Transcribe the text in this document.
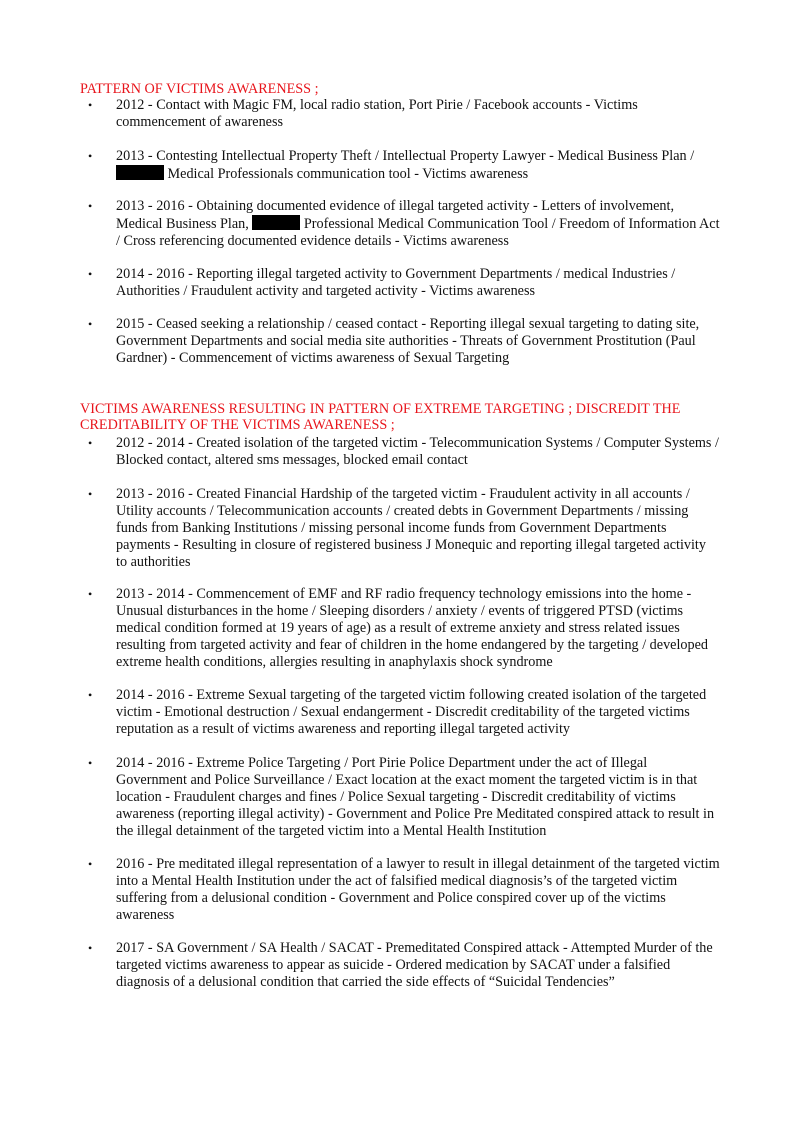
PATTERN OF VICTIMS AWARENESS ;
• 2012 - Contact with Magic FM, local radio station, Port Pirie / Facebook accounts - Victims commencement of awareness
• 2013 - Contesting Intellectual Property Theft / Intellectual Property Lawyer - Medical Business Plan /  Medical Professionals communication tool - Victims awareness
• 2013 - 2016 - Obtaining documented evidence of illegal targeted activity - Letters of involvement, Medical Business Plan,	Professional Medical Communication Tool / Freedom of Information Act / Cross referencing documented evidence details - Victims awareness
• 2014 - 2016 - Reporting illegal targeted activity to Government Departments / medical Industries / Authorities / Fraudulent activity and targeted activity - Victims awareness
• 2015 - Ceased seeking a relationship / ceased contact - Reporting illegal sexual targeting to dating site, Government Departments and social media site authorities - Threats of Government Prostitution (Paul Gardner) - Commencement of victims awareness of Sexual Targeting
VICTIMS AWARENESS RESULTING IN PATTERN OF EXTREME TARGETING ; DISCREDIT THE CREDITABILITY OF THE VICTIMS AWARENESS ;
• 2012 - 2014 - Created isolation of the targeted victim - Telecommunication Systems / Computer Systems / Blocked contact, altered sms messages, blocked email contact
• 2013 - 2016 - Created Financial Hardship of the targeted victim - Fraudulent activity in all accounts / Utility accounts / Telecommunication accounts / created debts in Government Departments / missing funds from Banking Institutions / missing personal income funds from Government Departments payments - Resulting in closure of registered business J Monequic and reporting illegal targeted activity to authorities
• 2013 - 2014 - Commencement of EMF and RF radio frequency technology emissions into the home - Unusual disturbances in the home / Sleeping disorders / anxiety / events of triggered PTSD (victims medical condition formed at 19 years of age) as a result of extreme anxiety and stress related issues resulting from targeted activity and fear of children in the home endangered by the targeting / developed extreme health conditions, allergies resulting in anaphylaxis shock syndrome
• 2014 - 2016 - Extreme Sexual targeting of the targeted victim following created isolation of the targeted victim - Emotional destruction / Sexual endangerment - Discredit creditability of the targeted victims reputation as a result of victims awareness and reporting illegal targeted activity
• 2014 - 2016 - Extreme Police Targeting / Port Pirie Police Department under the act of Illegal Government and Police Surveillance / Exact location at the exact moment the targeted victim is in that location - Fraudulent charges and fines / Police Sexual targeting - Discredit creditability of victims awareness (reporting illegal activity) - Government and Police Pre Meditated conspired attack to result in the illegal detainment of the targeted victim into a Mental Health Institution
• 2016 - Pre meditated illegal representation of a lawyer to result in illegal detainment of the targeted victim into a Mental Health Institution under the act of falsified medical diagnosis’s of the targeted victim suffering from a delusional condition - Government and Police conspired cover up of the victims awareness
• 2017 - SA Government / SA Health / SACAT - Premeditated Conspired attack - Attempted Murder of the targeted victims awareness to appear as suicide - Ordered medication by SACAT under a falsified diagnosis of a delusional condition that carried the side effects of “Suicidal Tendencies”
